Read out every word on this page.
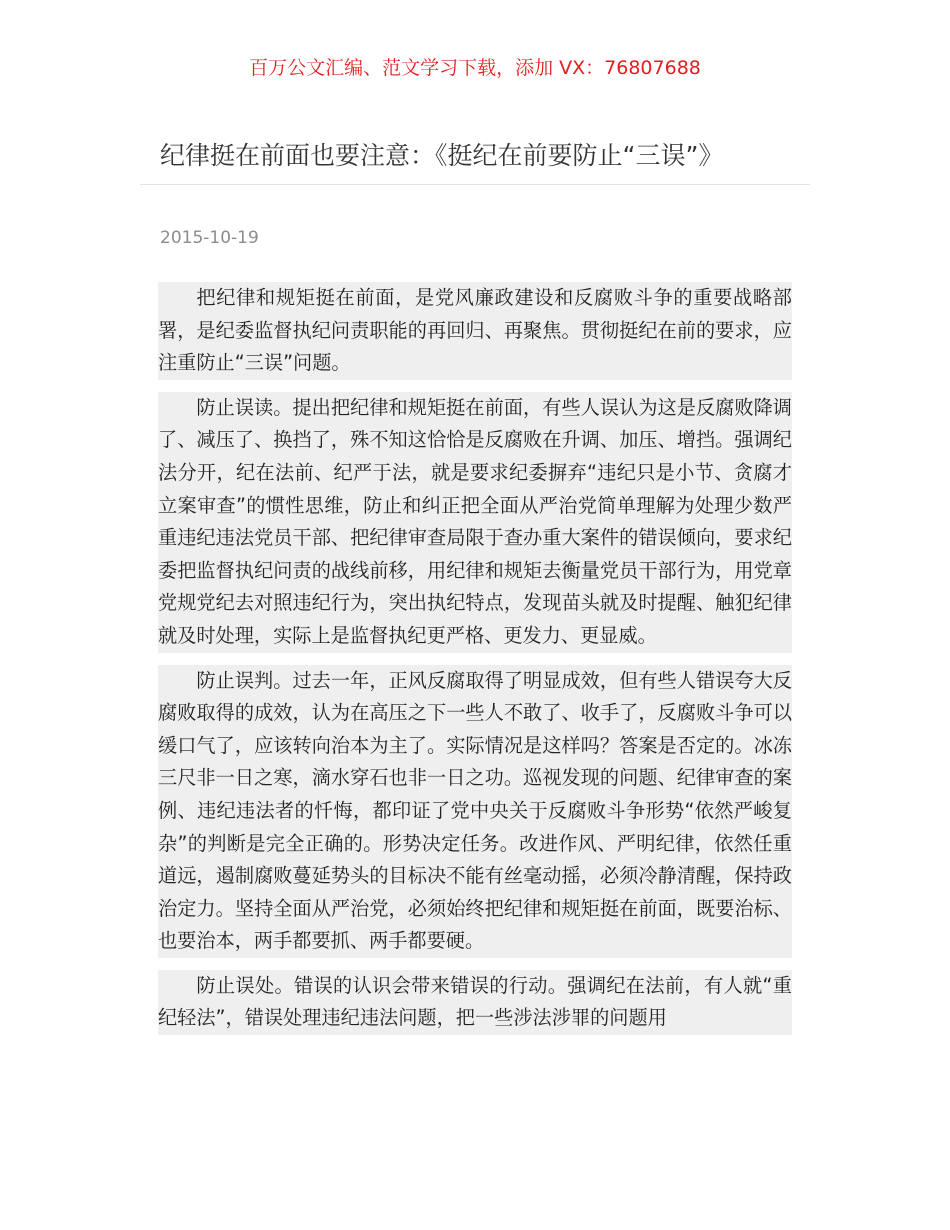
百万公文汇编、范文学习下载，添加 VX：76807688
纪律挺在前面也要注意：《挺纪在前要防止“三误”》
2015-10-19

把纪律和规矩挺在前面，是党风廉政建设和反腐败斗争的重要战略部署，是纪委监督执纪问责职能的再回归、再聚焦。贯彻挺纪在前的要求，应注重防止“三误”问题。

防止误读。提出把纪律和规矩挺在前面，有些人误认为这是反腐败降调了、减压了、换挡了，殊不知这恰恰是反腐败在升调、加压、增挡。强调纪法分开，纪在法前、纪严于法，就是要求纪委摒弃“违纪只是小节、贪腐才立案审查”的惯性思维，防止和纠正把全面从严治党简单理解为处理少数严重违纪违法党员干部、把纪律审查局限于查办重大案件的错误倾向，要求纪委把监督执纪问责的战线前移，用纪律和规矩去衡量党员干部行为，用党章党规党纪去对照违纪行为，突出执纪特点，发现苗头就及时提醒、触犯纪律就及时处理，实际上是监督执纪更严格、更发力、更显威。

防止误判。过去一年，正风反腐取得了明显成效，但有些人错误夸大反腐败取得的成效，认为在高压之下一些人不敢了、收手了，反腐败斗争可以缓口气了，应该转向治本为主了。实际情况是这样吗？答案是否定的。冰冻三尺非一日之寒，滴水穿石也非一日之功。巡视发现的问题、纪律审查的案例、违纪违法者的忏悔，都印证了党中央关于反腐败斗争形势“依然严峻复杂”的判断是完全正确的。形势决定任务。改进作风、严明纪律，依然任重道远，遏制腐败蔓延势头的目标决不能有丝毫动摇，必须冷静清醒，保持政治定力。坚持全面从严治党，必须始终把纪律和规矩挺在前面，既要治标、也要治本，两手都要抓、两手都要硬。

防止误处。错误的认识会带来错误的行动。强调纪在法前，有人就“重纪轻法”，错误处理违纪违法问题，把一些涉法涉罪的问题用
